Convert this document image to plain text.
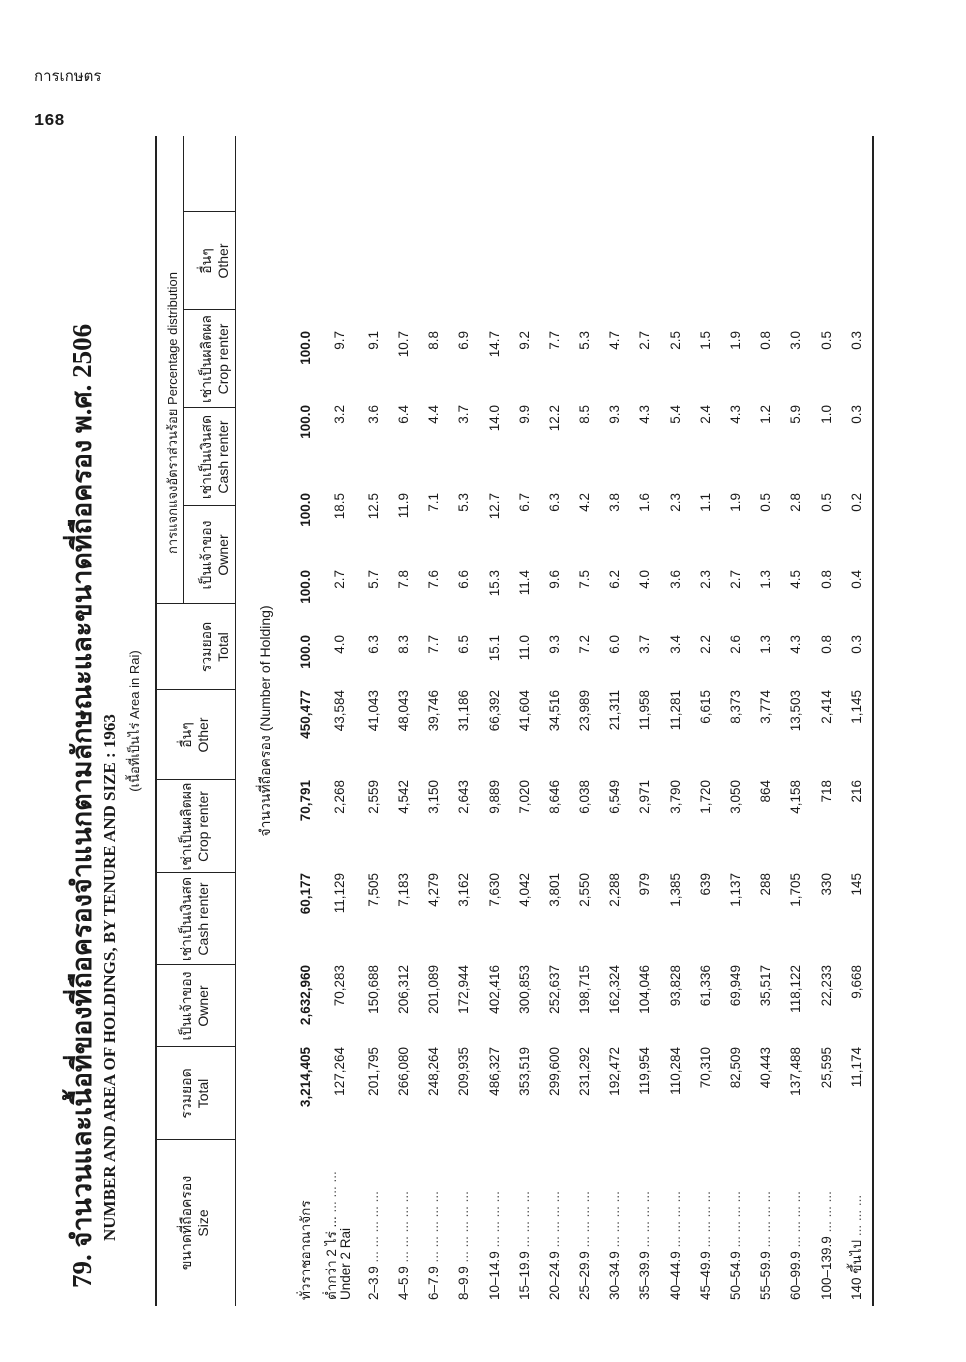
การเกษตร
168
79. จำนวนและเนื้อที่ของที่ถือครองจำแนกตามลักษณะและขนาดที่ถือครอง พ.ศ. 2506 NUMBER AND AREA OF HOLDINGS, BY TENURE AND SIZE : 1963 (เนื้อที่เป็นไร่ Area in Rai)
ขนาดที่ถือครอง Size
รวมยอด Total
เป็นเจ้าของ Owner
เช่าเป็นเงินสด Cash renter
เช่าเป็นผลิตผล Crop renter
อื่นๆ Other
การแจกแจงอัตราส่วนร้อย Percentage distribution
รวมยอด Total
เป็นเจ้าของ Owner
เช่าเป็นเงินสด Cash renter
เช่าเป็นผลิตผล Crop renter
อื่นๆ Other
จำนวนที่ถือครอง (Number of Holding)
ทั่วราชอาณาจักร	3,214,405	2,632,960	60,177	70,791	450,477	100.0	100.0	100.0	100.0	100.0
ต่ำกว่า 2 ไร่ ... ... ... ...
Under 2 Rai	127,264	70,283	11,129	2,268	43,584	4.0	2.7	18.5	3.2	9.7
2–3.9 ... ... ... ... ...	201,795	150,688	7,505	2,559	41,043	6.3	5.7	12.5	3.6	9.1
4–5.9 ... ... ... ... ...	266,080	206,312	7,183	4,542	48,043	8.3	7.8	11.9	6.4	10.7
6–7.9 ... ... ... ... ...	248,264	201,089	4,279	3,150	39,746	7.7	7.6	7.1	4.4	8.8
8–9.9 ... ... ... ... ...	209,935	172,944	3,162	2,643	31,186	6.5	6.6	5.3	3.7	6.9
10–14.9 ... ... ... ...	486,327	402,416	7,630	9,889	66,392	15.1	15.3	12.7	14.0	14.7
15–19.9 ... ... ... ...	353,519	300,853	4,042	7,020	41,604	11.0	11.4	6.7	9.9	9.2
20–24.9 ... ... ... ...	299,600	252,637	3,801	8,646	34,516	9.3	9.6	6.3	12.2	7.7
25–29.9 ... ... ... ...	231,292	198,715	2,550	6,038	23,989	7.2	7.5	4.2	8.5	5.3
30–34.9 ... ... ... ...	192,472	162,324	2,288	6,549	21,311	6.0	6.2	3.8	9.3	4.7
35–39.9 ... ... ... ...	119,954	104,046	979	2,971	11,958	3.7	4.0	1.6	4.3	2.7
40–44.9 ... ... ... ...	110,284	93,828	1,385	3,790	11,281	3.4	3.6	2.3	5.4	2.5
45–49.9 ... ... ... ...	70,310	61,336	639	1,720	6,615	2.2	2.3	1.1	2.4	1.5
50–54.9 ... ... ... ...	82,509	69,949	1,137	3,050	8,373	2.6	2.7	1.9	4.3	1.9
55–59.9 ... ... ... ...	40,443	35,517	288	864	3,774	1.3	1.3	0.5	1.2	0.8
60–99.9 ... ... ... ...	137,488	118,122	1,705	4,158	13,503	4.3	4.5	2.8	5.9	3.0
100–139.9 ... ... ...	25,595	22,233	330	718	2,414	0.8	0.8	0.5	1.0	0.5
140 ขึ้นไป ... ... ...	11,174	9,668	145	216	1,145	0.3	0.4	0.2	0.3	0.3
